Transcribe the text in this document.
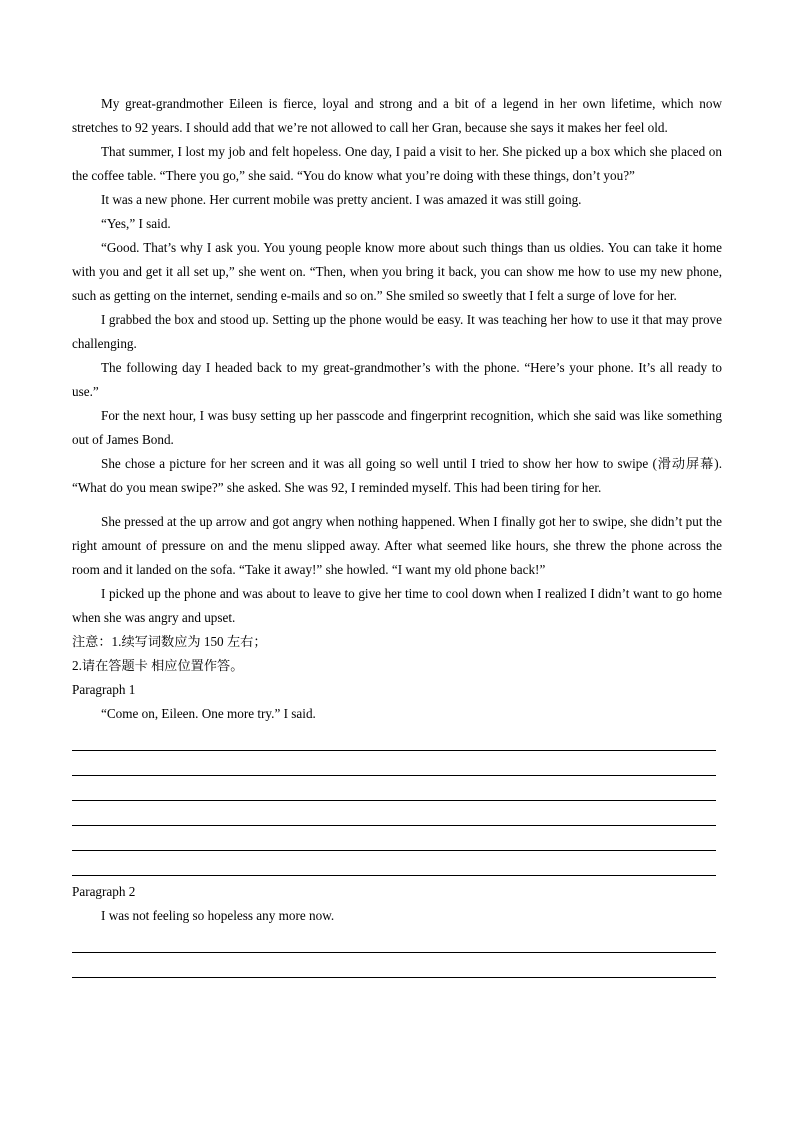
My great-grandmother Eileen is fierce, loyal and strong and a bit of a legend in her own lifetime, which now stretches to 92 years. I should add that we’re not allowed to call her Gran, because she says it makes her feel old.

That summer, I lost my job and felt hopeless. One day, I paid a visit to her. She picked up a box which she placed on the coffee table. “There you go,” she said. “You do know what you’re doing with these things, don’t you?”

It was a new phone. Her current mobile was pretty ancient. I was amazed it was still going.

“Yes,” I said.

“Good. That’s why I ask you. You young people know more about such things than us oldies. You can take it home with you and get it all set up,” she went on. “Then, when you bring it back, you can show me how to use my new phone, such as getting on the internet, sending e-mails and so on.” She smiled so sweetly that I felt a surge of love for her.

I grabbed the box and stood up. Setting up the phone would be easy. It was teaching her how to use it that may prove challenging.

The following day I headed back to my great-grandmother’s with the phone. “Here’s your phone. It’s all ready to use.”

For the next hour, I was busy setting up her passcode and fingerprint recognition, which she said was like something out of James Bond.

She chose a picture for her screen and it was all going so well until I tried to show her how to swipe (滑动屏幕). “What do you mean swipe?” she asked. She was 92, I reminded myself. This had been tiring for her.

She pressed at the up arrow and got angry when nothing happened. When I finally got her to swipe, she didn’t put the right amount of pressure on and the menu slipped away. After what seemed like hours, she threw the phone across the room and it landed on the sofa. “Take it away!” she howled. “I want my old phone back!”

I picked up the phone and was about to leave to give her time to cool down when I realized I didn’t want to go home when she was angry and upset.

注意：1.续写词数应为 150 左右；

2.请在答题卡 相应位置作答。

Paragraph 1

“Come on, Eileen. One more try.” I said.

Paragraph 2

I was not feeling so hopeless any more now.
